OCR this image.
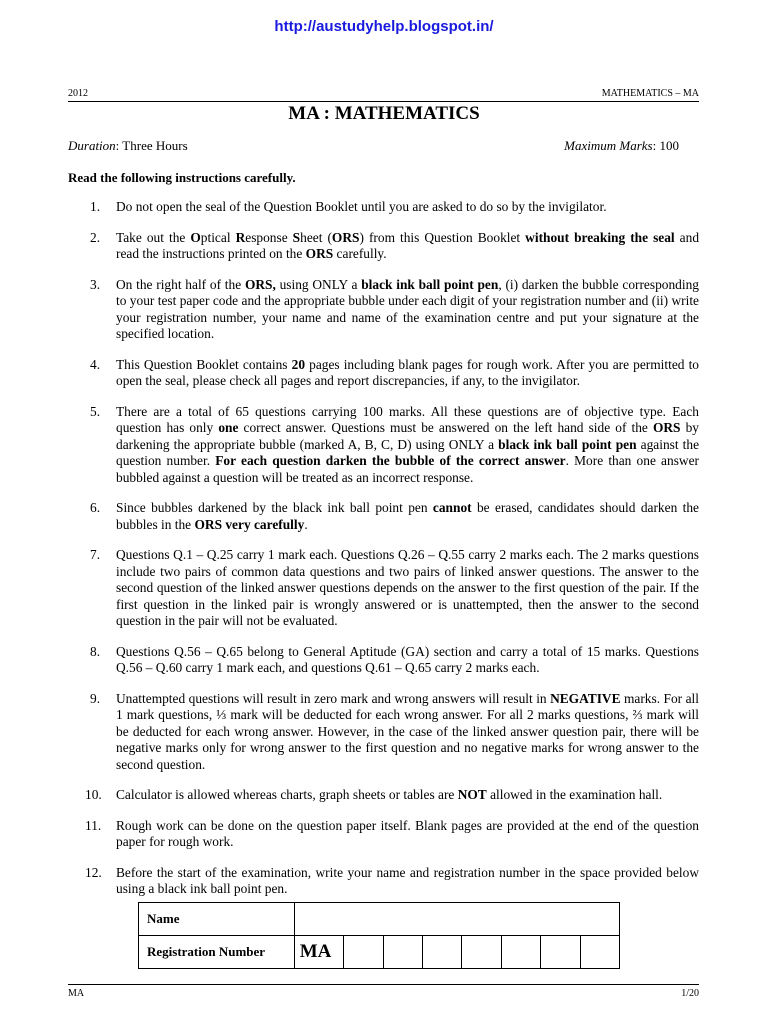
http://austudyhelp.blogspot.in/
2012	MATHEMATICS – MA
MA : MATHEMATICS
Duration: Three Hours	Maximum Marks: 100
Read the following instructions carefully.
1.	Do not open the seal of the Question Booklet until you are asked to do so by the invigilator.
2.	Take out the Optical Response Sheet (ORS) from this Question Booklet without breaking the seal and read the instructions printed on the ORS carefully.
3.	On the right half of the ORS, using ONLY a black ink ball point pen, (i) darken the bubble corresponding to your test paper code and the appropriate bubble under each digit of your registration number and (ii) write your registration number, your name and name of the examination centre and put your signature at the specified location.
4.	This Question Booklet contains 20 pages including blank pages for rough work. After you are permitted to open the seal, please check all pages and report discrepancies, if any, to the invigilator.
5.	There are a total of 65 questions carrying 100 marks. All these questions are of objective type. Each question has only one correct answer. Questions must be answered on the left hand side of the ORS by darkening the appropriate bubble (marked A, B, C, D) using ONLY a black ink ball point pen against the question number. For each question darken the bubble of the correct answer. More than one answer bubbled against a question will be treated as an incorrect response.
6.	Since bubbles darkened by the black ink ball point pen cannot be erased, candidates should darken the bubbles in the ORS very carefully.
7.	Questions Q.1 – Q.25 carry 1 mark each. Questions Q.26 – Q.55 carry 2 marks each. The 2 marks questions include two pairs of common data questions and two pairs of linked answer questions. The answer to the second question of the linked answer questions depends on the answer to the first question of the pair. If the first question in the linked pair is wrongly answered or is unattempted, then the answer to the second question in the pair will not be evaluated.
8.	Questions Q.56 – Q.65 belong to General Aptitude (GA) section and carry a total of 15 marks. Questions Q.56 – Q.60 carry 1 mark each, and questions Q.61 – Q.65 carry 2 marks each.
9.	Unattempted questions will result in zero mark and wrong answers will result in NEGATIVE marks. For all 1 mark questions, ⅓ mark will be deducted for each wrong answer. For all 2 marks questions, ⅔ mark will be deducted for each wrong answer. However, in the case of the linked answer question pair, there will be negative marks only for wrong answer to the first question and no negative marks for wrong answer to the second question.
10.	Calculator is allowed whereas charts, graph sheets or tables are NOT allowed in the examination hall.
11.	Rough work can be done on the question paper itself. Blank pages are provided at the end of the question paper for rough work.
12.	Before the start of the examination, write your name and registration number in the space provided below using a black ink ball point pen.
Name								
Registration Number	MA							
MA	1/20
